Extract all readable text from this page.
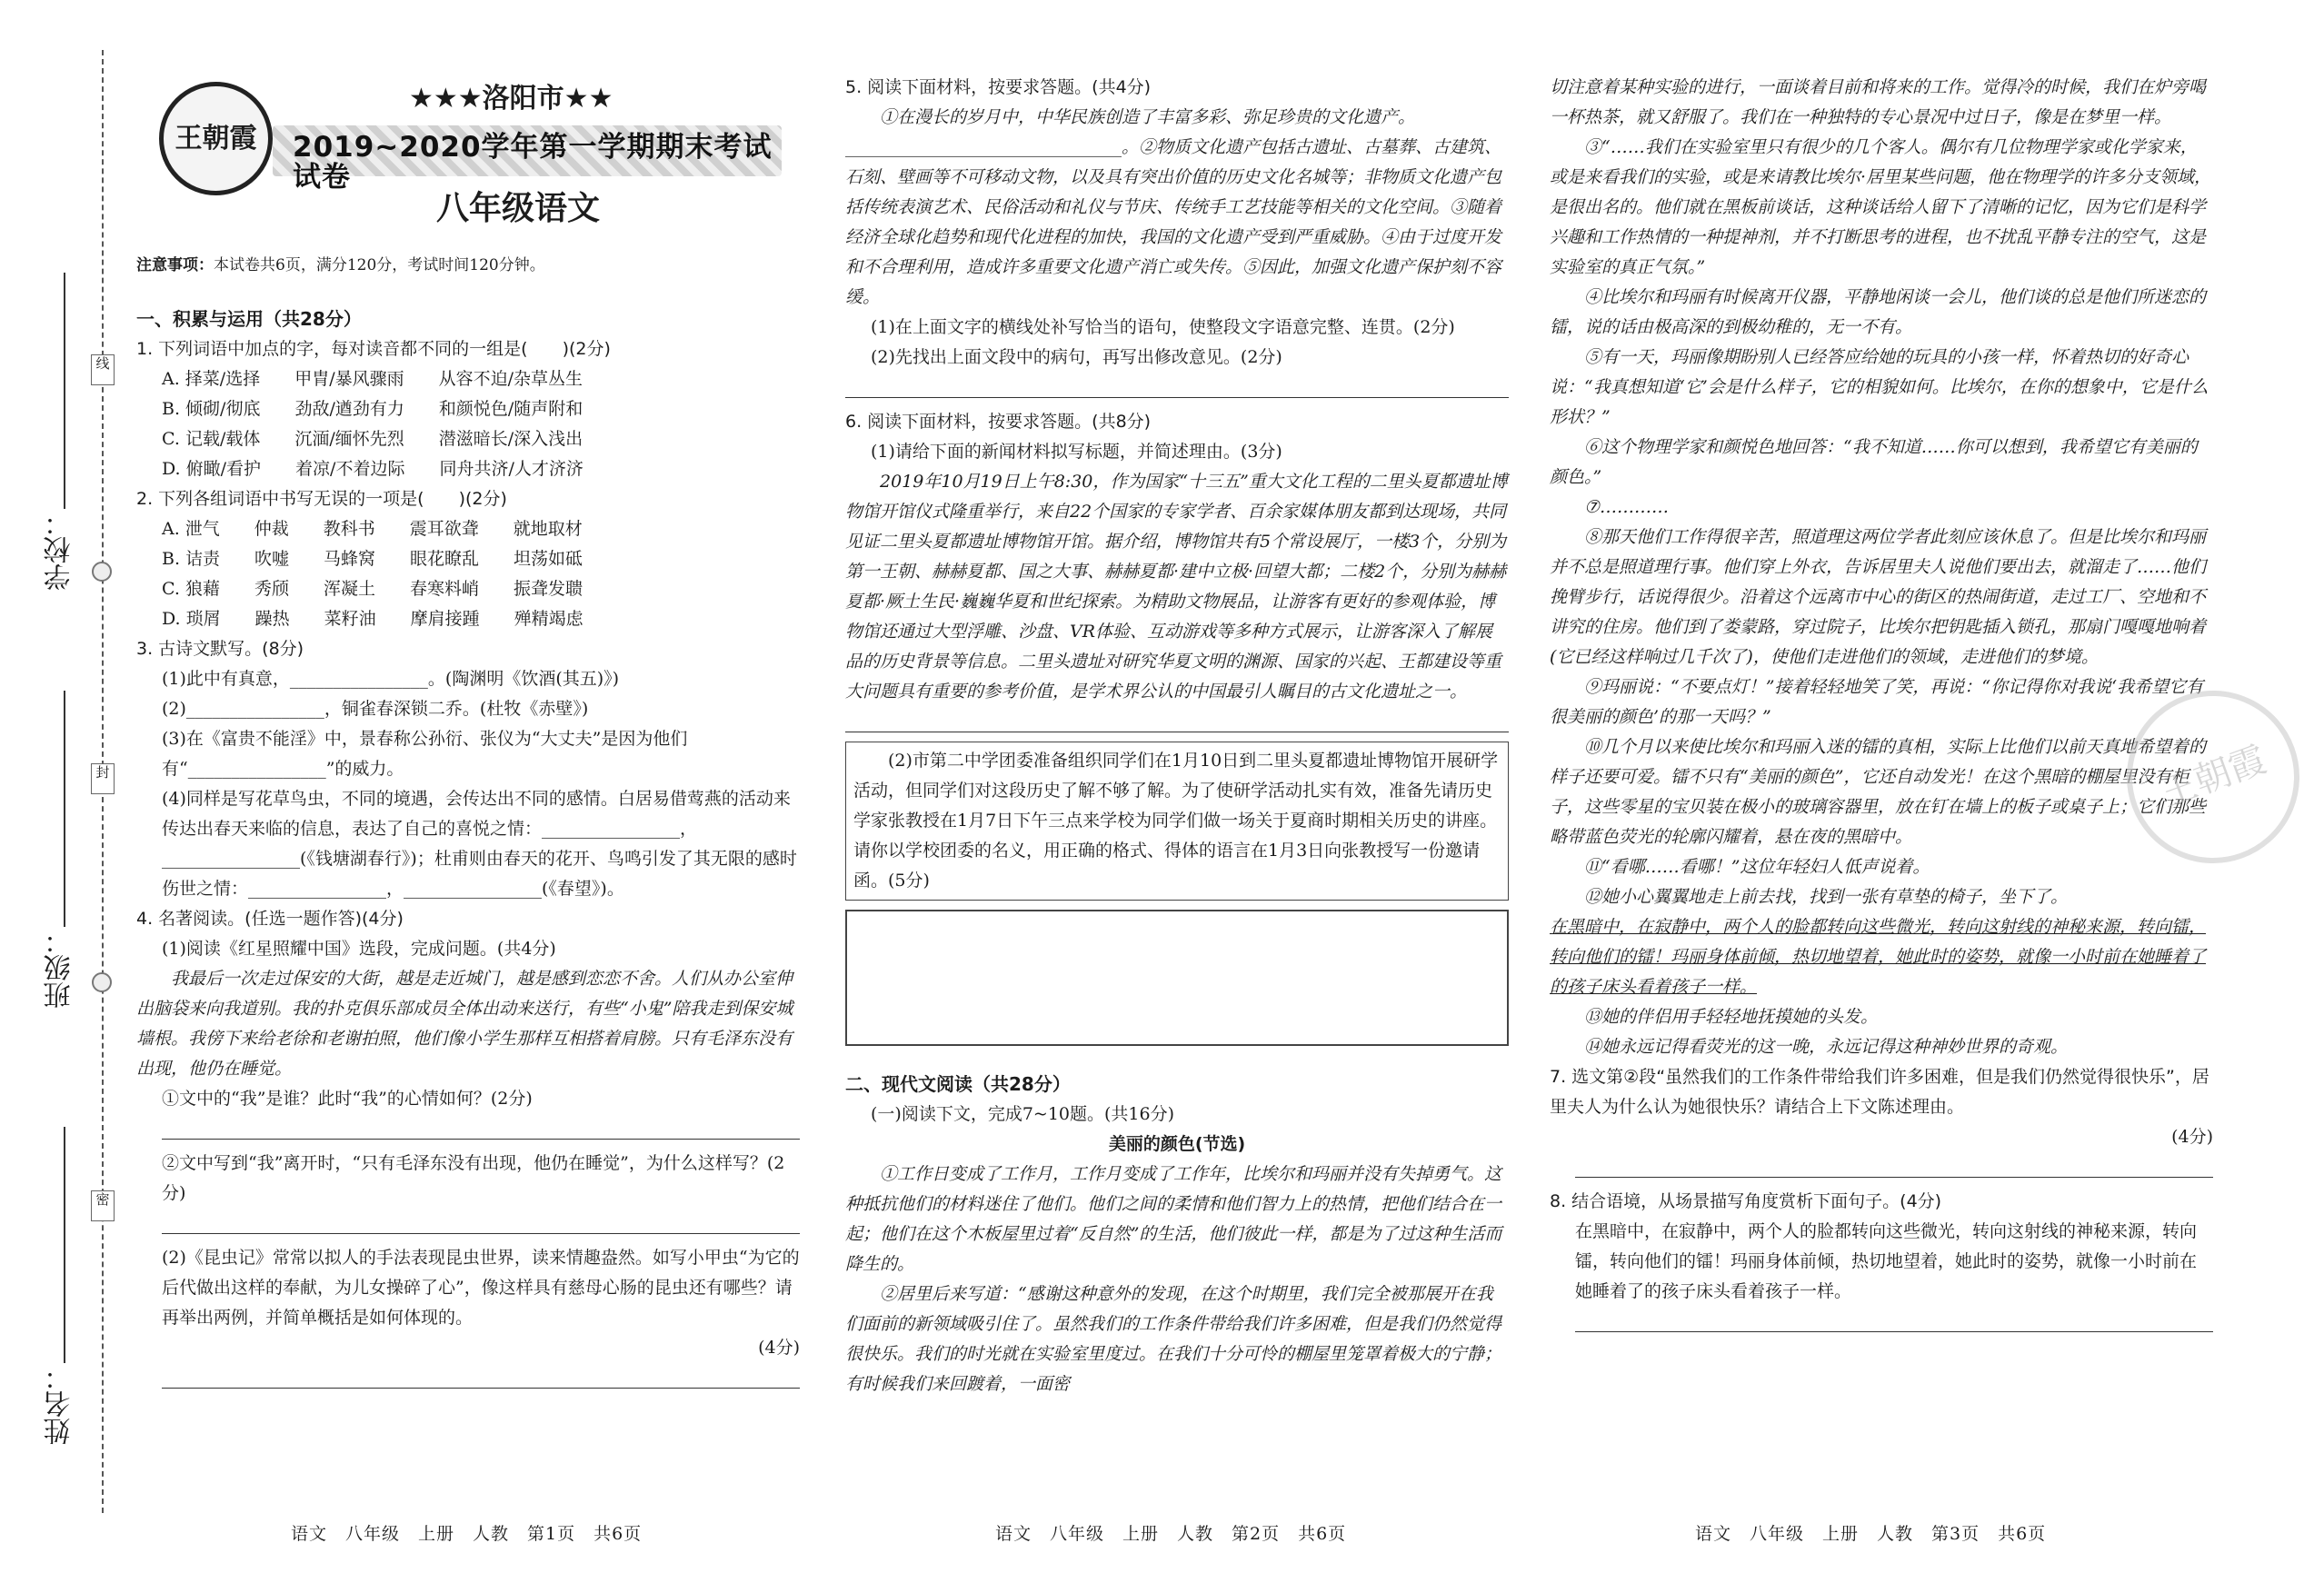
线
封
密
学校：
班级：
姓名：
王朝霞
★★★洛阳市★★
2019~2020学年第一学期期末考试试卷
八年级语文
注意事项：本试卷共6页，满分120分，考试时间120分钟。
一、积累与运用（共28分）
1. 下列词语中加点的字，每对读音都不同的一组是(　　)(2分)
A. 择菜/选择　　甲胄/暴风骤雨　　从容不迫/杂草丛生
B. 倾砌/彻底　　劲敌/遒劲有力　　和颜悦色/随声附和
C. 记载/载体　　沉湎/缅怀先烈　　潜滋暗长/深入浅出
D. 俯瞰/看护　　着凉/不着边际　　同舟共济/人才济济
2. 下列各组词语中书写无误的一项是(　　)(2分)
A. 泄气　　仲裁　　教科书　　震耳欲聋　　就地取材
B. 诘责　　吹嘘　　马蜂窝　　眼花瞭乱　　坦荡如砥
C. 狼藉　　秀颀　　浑凝土　　春寒料峭　　振聋发聩
D. 琐屑　　躁热　　菜籽油　　摩肩接踵　　殚精竭虑
3. 古诗文默写。(8分)
(1)此中有真意，________________。(陶渊明《饮酒(其五)》)
(2)________________，铜雀春深锁二乔。(杜牧《赤壁》)
(3)在《富贵不能淫》中，景春称公孙衍、张仪为“大丈夫”是因为他们有“________________”的威力。
(4)同样是写花草鸟虫，不同的境遇，会传达出不同的感情。白居易借莺燕的活动来传达出春天来临的信息，表达了自己的喜悦之情：________________，________________(《钱塘湖春行》)；杜甫则由春天的花开、鸟鸣引发了其无限的感时伤世之情：________________，________________(《春望》)。
4. 名著阅读。(任选一题作答)(4分)
(1)阅读《红星照耀中国》选段，完成问题。(共4分)
我最后一次走过保安的大街，越是走近城门，越是感到恋恋不舍。人们从办公室伸出脑袋来向我道别。我的扑克俱乐部成员全体出动来送行，有些“小鬼”陪我走到保安城墙根。我傍下来给老徐和老谢拍照，他们像小学生那样互相搭着肩膀。只有毛泽东没有出现，他仍在睡觉。
①文中的“我”是谁？此时“我”的心情如何？(2分)
②文中写到“我”离开时，“只有毛泽东没有出现，他仍在睡觉”，为什么这样写？(2分)
(2)《昆虫记》常常以拟人的手法表现昆虫世界，读来情趣盎然。如写小甲虫“为它的后代做出这样的奉献，为儿女操碎了心”，像这样具有慈母心肠的昆虫还有哪些？请再举出两例，并简单概括是如何体现的。
(4分)
5. 阅读下面材料，按要求答题。(共4分)
①在漫长的岁月中，中华民族创造了丰富多彩、弥足珍贵的文化遗产。________________________________。②物质文化遗产包括古遗址、古墓葬、古建筑、石刻、壁画等不可移动文物，以及具有突出价值的历史文化名城等；非物质文化遗产包括传统表演艺术、民俗活动和礼仪与节庆、传统手工艺技能等相关的文化空间。③随着经济全球化趋势和现代化进程的加快，我国的文化遗产受到严重威胁。④由于过度开发和不合理利用，造成许多重要文化遗产消亡或失传。⑤因此，加强文化遗产保护刻不容缓。
(1)在上面文字的横线处补写恰当的语句，使整段文字语意完整、连贯。(2分)
(2)先找出上面文段中的病句，再写出修改意见。(2分)
6. 阅读下面材料，按要求答题。(共8分)
(1)请给下面的新闻材料拟写标题，并简述理由。(3分)
2019年10月19日上午8:30，作为国家“十三五”重大文化工程的二里头夏都遗址博物馆开馆仪式隆重举行，来自22个国家的专家学者、百余家媒体朋友都到达现场，共同见证二里头夏都遗址博物馆开馆。据介绍，博物馆共有5个常设展厅，一楼3个，分别为第一王朝、赫赫夏都、国之大事、赫赫夏都·建中立极·回望大都；二楼2个，分别为赫赫夏都·厥土生民·巍巍华夏和世纪探索。为精助文物展品，让游客有更好的参观体验，博物馆还通过大型浮雕、沙盘、VR体验、互动游戏等多种方式展示，让游客深入了解展品的历史背景等信息。二里头遗址对研究华夏文明的渊源、国家的兴起、王都建设等重大问题具有重要的参考价值，是学术界公认的中国最引人瞩目的古文化遗址之一。
(2)市第二中学团委准备组织同学们在1月10日到二里头夏都遗址博物馆开展研学活动，但同学们对这段历史了解不够了解。为了使研学活动扎实有效，准备先请历史学家张教授在1月7日下午三点来学校为同学们做一场关于夏商时期相关历史的讲座。请你以学校团委的名义，用正确的格式、得体的语言在1月3日向张教授写一份邀请函。(5分)
二、现代文阅读（共28分）
(一)阅读下文，完成7~10题。(共16分)
美丽的颜色(节选)
①工作日变成了工作月，工作月变成了工作年，比埃尔和玛丽并没有失掉勇气。这种抵抗他们的材料迷住了他们。他们之间的柔情和他们智力上的热情，把他们结合在一起；他们在这个木板屋里过着“反自然”的生活，他们彼此一样，都是为了过这种生活而降生的。
②居里后来写道：“感谢这种意外的发现，在这个时期里，我们完全被那展开在我们面前的新领域吸引住了。虽然我们的工作条件带给我们许多困难，但是我们仍然觉得很快乐。我们的时光就在实验室里度过。在我们十分可怜的棚屋里笼罩着极大的宁静；有时候我们来回踱着，一面密
切注意着某种实验的进行，一面谈着目前和将来的工作。觉得冷的时候，我们在炉旁喝一杯热茶，就又舒服了。我们在一种独特的专心景况中过日子，像是在梦里一样。
③“……我们在实验室里只有很少的几个客人。偶尔有几位物理学家或化学家来，或是来看我们的实验，或是来请教比埃尔·居里某些问题，他在物理学的许多分支领域，是很出名的。他们就在黑板前谈话，这种谈话给人留下了清晰的记忆，因为它们是科学兴趣和工作热情的一种提神剂，并不打断思考的进程，也不扰乱平静专注的空气，这是实验室的真正气氛。”
④比埃尔和玛丽有时候离开仪器，平静地闲谈一会儿，他们谈的总是他们所迷恋的镭，说的话由极高深的到极幼稚的，无一不有。
⑤有一天，玛丽像期盼别人已经答应给她的玩具的小孩一样，怀着热切的好奇心说：“我真想知道‘它’会是什么样子，它的相貌如何。比埃尔，在你的想象中，它是什么形状？”
⑥这个物理学家和颜悦色地回答：“我不知道……你可以想到，我希望它有美丽的颜色。”
⑦…………
⑧那天他们工作得很辛苦，照道理这两位学者此刻应该休息了。但是比埃尔和玛丽并不总是照道理行事。他们穿上外衣，告诉居里夫人说他们要出去，就溜走了……他们挽臂步行，话说得很少。沿着这个远离市中心的街区的热闹街道，走过工厂、空地和不讲究的住房。他们到了娄蒙路，穿过院子，比埃尔把钥匙插入锁孔，那扇门嘎嘎地响着(它已经这样响过几千次了)，使他们走进他们的领域，走进他们的梦境。
⑨玛丽说：“不要点灯！”接着轻轻地笑了笑，再说：“你记得你对我说‘我希望它有很美丽的颜色’的那一天吗？”
⑩几个月以来使比埃尔和玛丽入迷的镭的真相，实际上比他们以前天真地希望着的样子还要可爱。镭不只有“美丽的颜色”，它还自动发光！在这个黑暗的棚屋里没有柜子，这些零星的宝贝装在极小的玻璃容器里，放在钉在墙上的板子或桌子上；它们那些略带蓝色荧光的轮廓闪耀着，悬在夜的黑暗中。
⑪“看哪……看哪！”这位年轻妇人低声说着。
⑫她小心翼翼地走上前去找，找到一张有草垫的椅子，坐下了。
在黑暗中，在寂静中，两个人的脸都转向这些微光，转向这射线的神秘来源，转向镭，转向他们的镭！玛丽身体前倾，热切地望着，她此时的姿势，就像一小时前在她睡着了的孩子床头看着孩子一样。
⑬她的伴侣用手轻轻地抚摸她的头发。
⑭她永远记得看荧光的这一晚，永远记得这种神妙世界的奇观。
7. 选文第②段“虽然我们的工作条件带给我们许多困难，但是我们仍然觉得很快乐”，居里夫人为什么认为她很快乐？请结合上下文陈述理由。
(4分)
8. 结合语境，从场景描写角度赏析下面句子。(4分)
在黑暗中，在寂静中，两个人的脸都转向这些微光，转向这射线的神秘来源，转向镭，转向他们的镭！玛丽身体前倾，热切地望着，她此时的姿势，就像一小时前在她睡着了的孩子床头看着孩子一样。
王朝霞
语文　八年级　上册　人教　第1页　共6页	语文　八年级　上册　人教　第2页　共6页	语文　八年级　上册　人教　第3页　共6页
